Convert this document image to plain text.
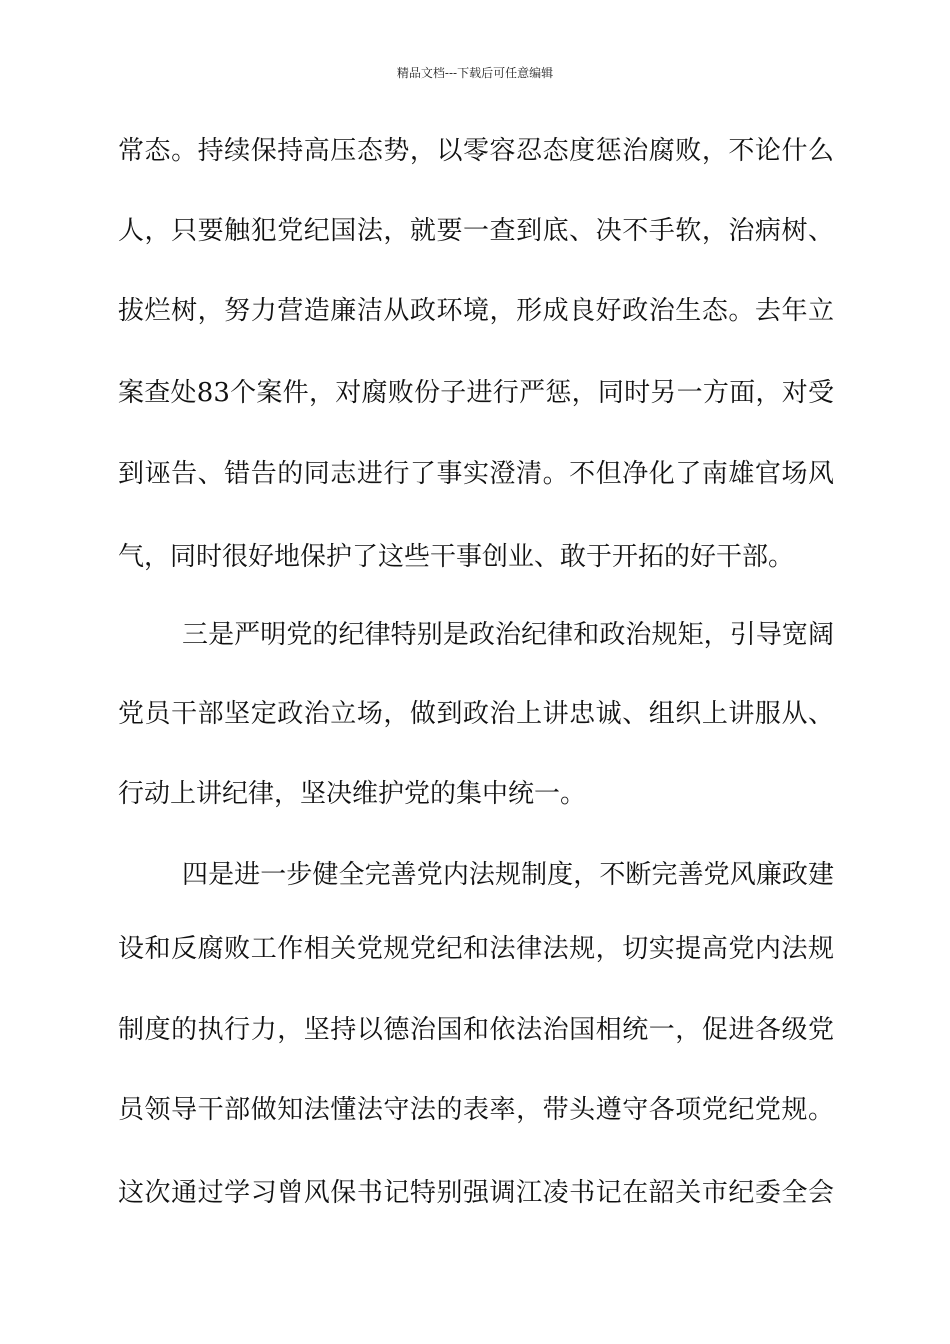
精品文档---下载后可任意编辑
常态。持续保持高压态势，以零容忍态度惩治腐败，不论什么
人，只要触犯党纪国法，就要一查到底、决不手软，治病树、
拔烂树，努力营造廉洁从政环境，形成良好政治生态。去年立
案查处83个案件，对腐败份子进行严惩，同时另一方面，对受
到诬告、错告的同志进行了事实澄清。不但净化了南雄官场风
气，同时很好地保护了这些干事创业、敢于开拓的好干部。
三是严明党的纪律特别是政治纪律和政治规矩，引导宽阔
党员干部坚定政治立场，做到政治上讲忠诚、组织上讲服从、
行动上讲纪律，坚决维护党的集中统一。
四是进一步健全完善党内法规制度，不断完善党风廉政建
设和反腐败工作相关党规党纪和法律法规，切实提高党内法规
制度的执行力，坚持以德治国和依法治国相统一，促进各级党
员领导干部做知法懂法守法的表率，带头遵守各项党纪党规。
这次通过学习曾风保书记特别强调江凌书记在韶关市纪委全会
